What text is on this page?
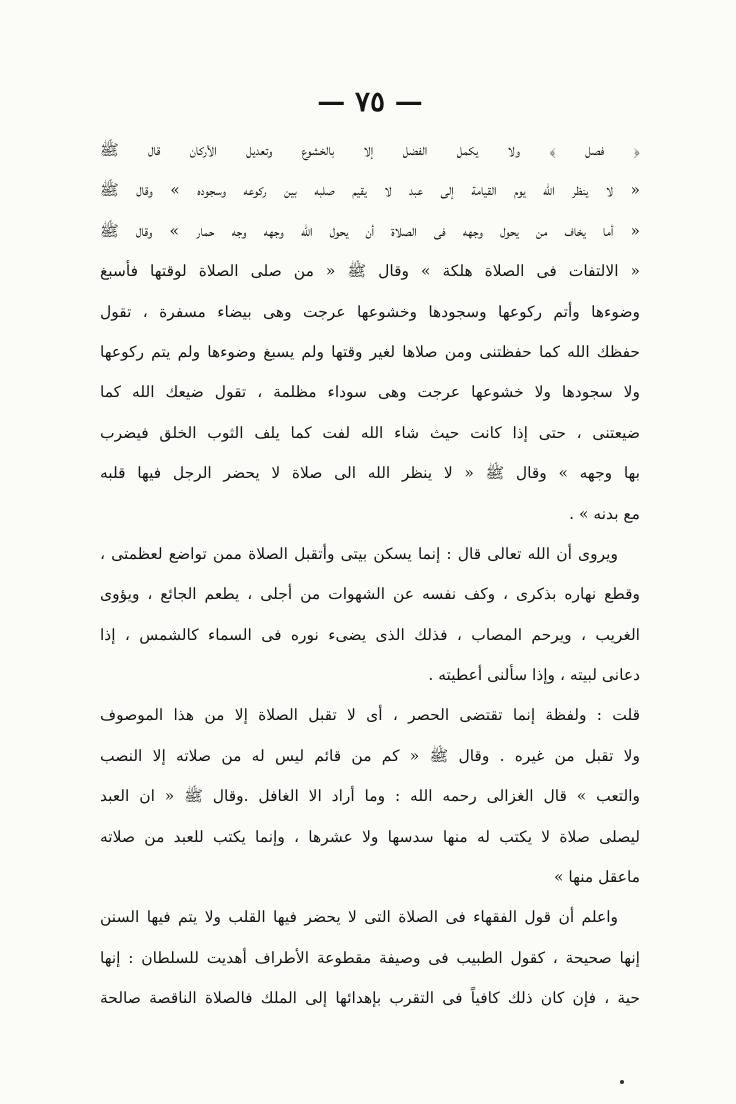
— ٧٥ —
﴿ فصل ﴾ ولا يكمل الفضل إلا بالخشوع وتعديل الأركان قال ﷺ
« لا ينظر الله يوم القيامة إلى عبد لا يقيم صلبه بين ركوعه وسجوده » وقال ﷺ
« أما يخاف من يحول وجهه فى الصلاة أن يحول الله وجهه وجه حمار » وقال ﷺ
« الالتفات فى الصلاة هلكة » وقال ﷺ « من صلى الصلاة لوقتها فأسبغ
وضوءها وأتم ركوعها وسجودها وخشوعها عرجت وهى بيضاء مسفرة ، تقول
حفظك الله كما حفظتنى ومن صلاها لغير وقتها ولم يسبغ وضوءها ولم يتم ركوعها
ولا سجودها ولا خشوعها عرجت وهى سوداء مظلمة ، تقول ضيعك الله كما
ضيعتنى ، حتى إذا كانت حيث شاء الله لفت كما يلف الثوب الخلق فيضرب
بها وجهه » وقال ﷺ « لا ينظر الله الى صلاة لا يحضر الرجل فيها قلبه
مع بدنه » .
ويروى أن الله تعالى قال : إنما يسكن بيتى وأتقبل الصلاة ممن تواضع لعظمتى ،
وقطع نهاره بذكرى ، وكف نفسه عن الشهوات من أجلى ، يطعم الجائع ، ويؤوى
الغريب ، ويرحم المصاب ، فذلك الذى يضىء نوره فى السماء كالشمس ، إذا
دعانى لبيته ، وإذا سألنى أعطيته .
قلت : ولفظة إنما تقتضى الحصر ، أى لا تقبل الصلاة إلا من هذا الموصوف
ولا تقبل من غيره . وقال ﷺ « كم من قائم ليس له من صلاته إلا النصب
والتعب » قال الغزالى رحمه الله : وما أراد الا الغافل .وقال ﷺ « ان العبد
ليصلى صلاة لا يكتب له منها سدسها ولا عشرها ، وإنما يكتب للعبد من صلاته
ماعقل منها »
واعلم أن قول الفقهاء فى الصلاة التى لا يحضر فيها القلب ولا يتم فيها السنن
إنها صحيحة ، كقول الطبيب فى وصيفة مقطوعة الأطراف أهديت للسلطان : إنها
حية ، فإن كان ذلك كافياً فى التقرب بإهدائها إلى الملك فالصلاة الناقصة صالحة
